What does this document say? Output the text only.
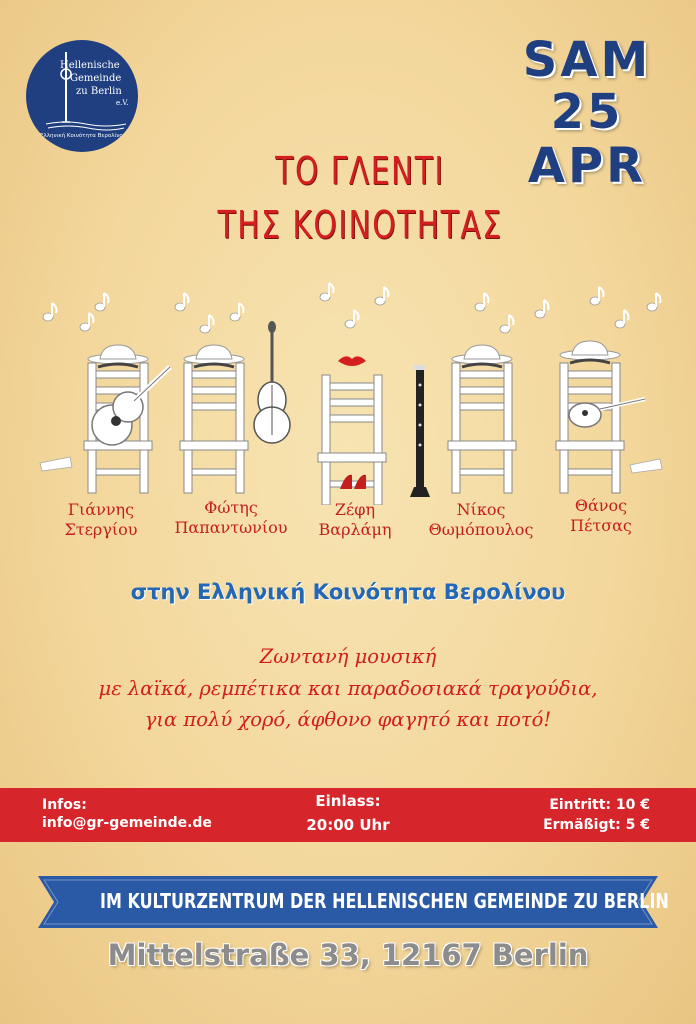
Hellenische
Gemeinde
zu Berlin
e.V.
Ελληνική Κοινότητα Βερολίνου
SAM
25
APR
ΤΟ ΓΛΕΝΤΙ
ΤΗΣ ΚΟΙΝΟΤΗΤΑΣ
Γιάννης
Στεργίου
Φώτης
Παπαντωνίου
Ζέφη
Βαρλάμη
Νίκος
Θωμόπουλος
Θάνος
Πέτσας
στην Ελληνική Κοινότητα Βερολίνου
Ζωντανή μουσική
με λαϊκά, ρεμπέτικα και παραδοσιακά τραγούδια,
για πολύ χορό, άφθονο φαγητό και ποτό!
Infos:
info@gr-gemeinde.de
Einlass:
20:00 Uhr
Eintritt: 10 €
Ermäßigt: 5 €
IM KULTURZENTRUM DER HELLENISCHEN GEMEINDE ZU BERLIN
Mittelstraße 33, 12167 Berlin
